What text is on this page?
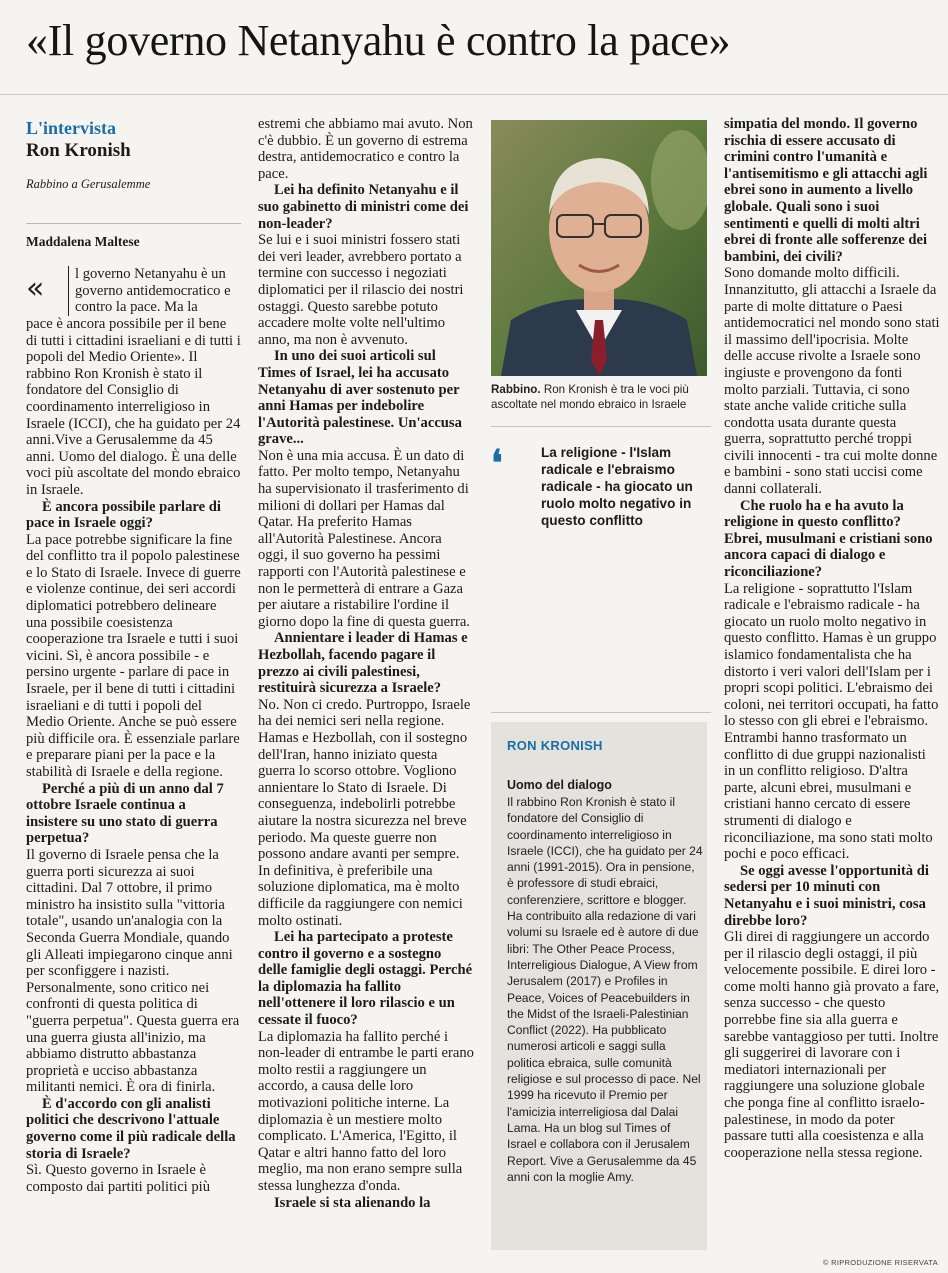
«Il governo Netanyahu è contro la pace»
L'intervista
Ron Kronish
Rabbino a Gerusalemme
Maddalena Maltese
«	l governo Netanyahu è un governo antidemocratico e contro la pace. Ma la

pace è ancora possibile per il bene di tutti i cittadini israeliani e di tutti i popoli del Medio Oriente». Il rabbino Ron Kronish è stato il fondatore del Consiglio di coordinamento interreligioso in Israele (ICCI), che ha guidato per 24 anni.Vive a Gerusalemme da 45 anni. Uomo del dialogo. È una delle voci più ascoltate del mondo ebraico in Israele.

È ancora possibile parlare di pace in Israele oggi?

La pace potrebbe significare la fine del conflitto tra il popolo palestinese e lo Stato di Israele. Invece di guerre e violenze continue, dei seri accordi diplomatici potrebbero delineare una possibile coesistenza cooperazione tra Israele e tutti i suoi vicini. Sì, è ancora possibile - e persino urgente - parlare di pace in Israele, per il bene di tutti i cittadini israeliani e di tutti i popoli del Medio Oriente. Anche se può essere più difficile ora. È essenziale parlare e preparare piani per la pace e la stabilità di Israele e della regione.

Perché a più di un anno dal 7 ottobre Israele continua a insistere su uno stato di guerra perpetua?

Il governo di Israele pensa che la guerra porti sicurezza ai suoi cittadini. Dal 7 ottobre, il primo ministro ha insistito sulla "vittoria totale", usando un'analogia con la Seconda Guerra Mondiale, quando gli Alleati impiegarono cinque anni per sconfiggere i nazisti. Personalmente, sono critico nei confronti di questa politica di "guerra perpetua". Questa guerra era una guerra giusta all'inizio, ma abbiamo distrutto abbastanza proprietà e ucciso abbastanza militanti nemici. È ora di finirla.

È d'accordo con gli analisti politici che descrivono l'attuale governo come il più radicale della storia di Israele?

Sì. Questo governo in Israele è composto dai partiti politici più

estremi che abbiamo mai avuto. Non c'è dubbio. È un governo di estrema destra, antidemocratico e contro la pace.

Lei ha definito Netanyahu e il suo gabinetto di ministri come dei non-leader?

Se lui e i suoi ministri fossero stati dei veri leader, avrebbero portato a termine con successo i negoziati diplomatici per il rilascio dei nostri ostaggi. Questo sarebbe potuto accadere molte volte nell'ultimo anno, ma non è avvenuto.

In uno dei suoi articoli sul Times of Israel, lei ha accusato Netanyahu di aver sostenuto per anni Hamas per indebolire l'Autorità palestinese. Un'accusa grave...

Non è una mia accusa. È un dato di fatto. Per molto tempo, Netanyahu ha supervisionato il trasferimento di milioni di dollari per Hamas dal Qatar. Ha preferito Hamas all'Autorità Palestinese. Ancora oggi, il suo governo ha pessimi rapporti con l'Autorità palestinese e non le permetterà di entrare a Gaza per aiutare a ristabilire l'ordine il giorno dopo la fine di questa guerra.

Annientare i leader di Hamas e Hezbollah, facendo pagare il prezzo ai civili palestinesi, restituirà sicurezza a Israele?

No. Non ci credo. Purtroppo, Israele ha dei nemici seri nella regione. Hamas e Hezbollah, con il sostegno dell'Iran, hanno iniziato questa guerra lo scorso ottobre. Vogliono annientare lo Stato di Israele. Di conseguenza, indebolirli potrebbe aiutare la nostra sicurezza nel breve periodo. Ma queste guerre non possono andare avanti per sempre. In definitiva, è preferibile una soluzione diplomatica, ma è molto difficile da raggiungere con nemici molto ostinati.

Lei ha partecipato a proteste contro il governo e a sostegno delle famiglie degli ostaggi. Perché la diplomazia ha fallito nell'ottenere il loro rilascio e un cessate il fuoco?

La diplomazia ha fallito perché i non-leader di entrambe le parti erano molto restii a raggiungere un accordo, a causa delle loro motivazioni politiche interne. La diplomazia è un mestiere molto complicato. L'America, l'Egitto, il Qatar e altri hanno fatto del loro meglio, ma non erano sempre sulla stessa lunghezza d'onda.

Israele si sta alienando la

Rabbino. Ron Kronish è tra le voci più ascoltate nel mondo ebraico in Israele
❛	La religione - l'Islam radicale e l'ebraismo radicale - ha giocato un ruolo molto negativo in questo conflitto
RON KRONISH
Uomo del dialogo
Il rabbino Ron Kronish è stato il fondatore del Consiglio di coordinamento interreligioso in Israele (ICCI), che ha guidato per 24 anni (1991-2015). Ora in pensione, è professore di studi ebraici, conferenziere, scrittore e blogger. Ha contribuito alla redazione di vari volumi su Israele ed è autore di due libri: The Other Peace Process, Interreligious Dialogue, A View from Jerusalem (2017) e Profiles in Peace, Voices of Peacebuilders in the Midst of the Israeli-Palestinian Conflict (2022). Ha pubblicato numerosi articoli e saggi sulla politica ebraica, sulle comunità religiose e sul processo di pace. Nel 1999 ha ricevuto il Premio per l'amicizia interreligiosa dal Dalai Lama. Ha un blog sul Times of Israel e collabora con il Jerusalem Report. Vive a Gerusalemme da 45 anni con la moglie Amy.

simpatia del mondo. Il governo rischia di essere accusato di crimini contro l'umanità e l'antisemitismo e gli attacchi agli ebrei sono in aumento a livello globale. Quali sono i suoi sentimenti e quelli di molti altri ebrei di fronte alle sofferenze dei bambini, dei civili?

Sono domande molto difficili. Innanzitutto, gli attacchi a Israele da parte di molte dittature o Paesi antidemocratici nel mondo sono stati il massimo dell'ipocrisia. Molte delle accuse rivolte a Israele sono ingiuste e provengono da fonti molto parziali. Tuttavia, ci sono state anche valide critiche sulla condotta usata durante questa guerra, soprattutto perché troppi civili innocenti - tra cui molte donne e bambini - sono stati uccisi come danni collaterali.

Che ruolo ha e ha avuto la religione in questo conflitto? Ebrei, musulmani e cristiani sono ancora capaci di dialogo e riconciliazione?

La religione - soprattutto l'Islam radicale e l'ebraismo radicale - ha giocato un ruolo molto negativo in questo conflitto. Hamas è un gruppo islamico fondamentalista che ha distorto i veri valori dell'Islam per i propri scopi politici. L'ebraismo dei coloni, nei territori occupati, ha fatto lo stesso con gli ebrei e l'ebraismo. Entrambi hanno trasformato un conflitto di due gruppi nazionalisti in un conflitto religioso. D'altra parte, alcuni ebrei, musulmani e cristiani hanno cercato di essere strumenti di dialogo e riconciliazione, ma sono stati molto pochi e poco efficaci.

Se oggi avesse l'opportunità di sedersi per 10 minuti con Netanyahu e i suoi ministri, cosa direbbe loro?

Gli direi di raggiungere un accordo per il rilascio degli ostaggi, il più velocemente possibile. E direi loro - come molti hanno già provato a fare, senza successo - che questo porrebbe fine sia alla guerra e sarebbe vantaggioso per tutti. Inoltre gli suggerirei di lavorare con i mediatori internazionali per raggiungere una soluzione globale che ponga fine al conflitto israelo-palestinese, in modo da poter passare tutti alla coesistenza e alla cooperazione nella stessa regione.

© RIPRODUZIONE RISERVATA
